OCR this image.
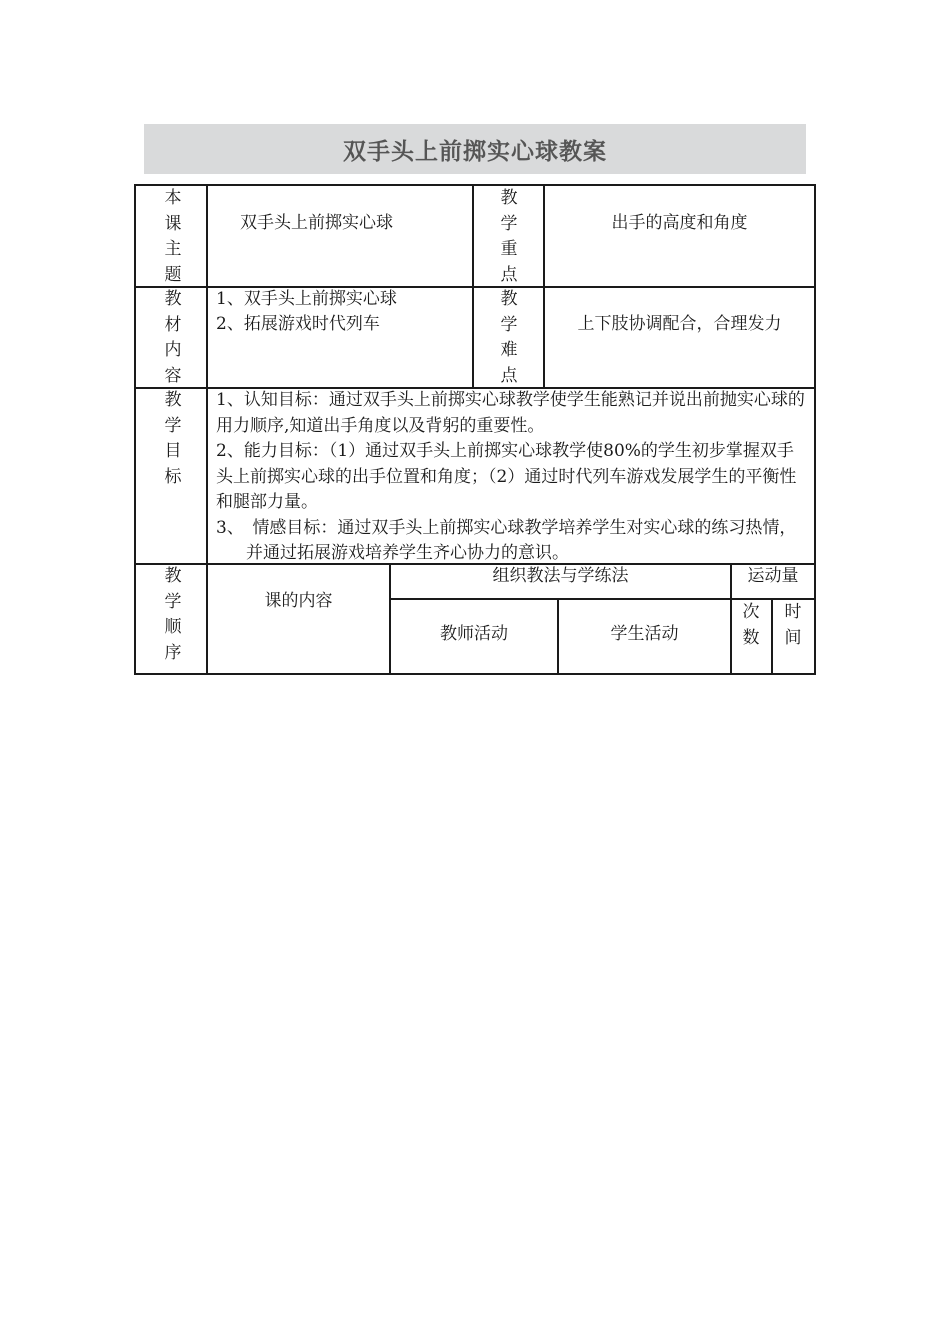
双手头上前掷实心球教案
本课主题
双手头上前掷实心球
教学重点
出手的高度和角度
教材内容
1、双手头上前掷实心球
2、拓展游戏时代列车
教学难点
上下肢协调配合，合理发力
教学目标

1、认知目标：通过双手头上前掷实心球教学使学生能熟记并说出前抛实心球的用力顺序,知道出手角度以及背躬的重要性。

2、能力目标：（1）通过双手头上前掷实心球教学使80%的学生初步掌握双手头上前掷实心球的出手位置和角度；（2）通过时代列车游戏发展学生的平衡性和腿部力量。

3、　情感目标：通过双手头上前掷实心球教学培养学生对实心球的练习热情，并通过拓展游戏培养学生齐心协力的意识。

教学顺序
课的内容
组织教法与学练法	运动量
教师活动	学生活动
次数
时间
